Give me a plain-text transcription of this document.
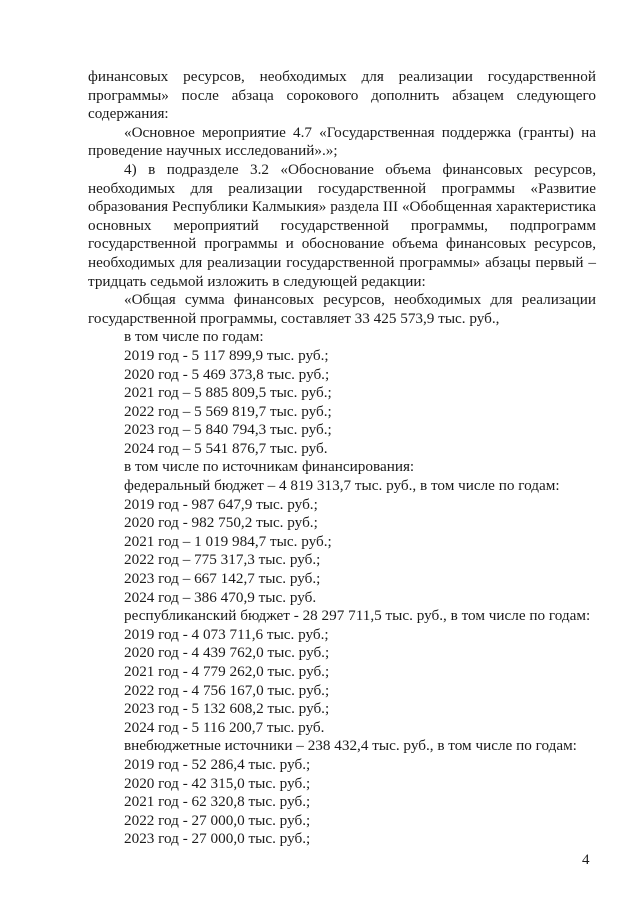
финансовых ресурсов, необходимых для реализации государственной программы» после абзаца сорокового дополнить абзацем следующего содержания:

«Основное мероприятие 4.7 «Государственная поддержка (гранты) на проведение научных исследований».»;

4) в подразделе 3.2 «Обоснование объема финансовых ресурсов, необходимых для реализации государственной программы «Развитие образования Республики Калмыкия» раздела III «Обобщенная характеристика основных мероприятий государственной программы, подпрограмм государственной программы и обоснование объема финансовых ресурсов, необходимых для реализации государственной программы» абзацы первый – тридцать седьмой изложить в следующей редакции:

«Общая сумма финансовых ресурсов, необходимых для реализации государственной программы, составляет 33 425 573,9 тыс. руб.,

в том числе по годам:
2019 год - 5 117 899,9 тыс. руб.;
2020 год - 5 469 373,8 тыс. руб.;
2021 год – 5 885 809,5 тыс. руб.;
2022 год – 5 569 819,7 тыс. руб.;
2023 год – 5 840 794,3 тыс. руб.;
2024 год – 5 541 876,7 тыс. руб.
в том числе по источникам финансирования:
федеральный бюджет – 4 819 313,7 тыс. руб., в том числе по годам:
2019 год - 987 647,9 тыс. руб.;
2020 год - 982 750,2 тыс. руб.;
2021 год – 1 019 984,7 тыс. руб.;
2022 год – 775 317,3 тыс. руб.;
2023 год – 667 142,7 тыс. руб.;
2024 год – 386 470,9 тыс. руб.

республиканский бюджет - 28 297 711,5 тыс. руб., в том числе по годам:

2019 год - 4 073 711,6 тыс. руб.;
2020 год - 4 439 762,0 тыс. руб.;
2021 год - 4 779 262,0 тыс. руб.;
2022 год - 4 756 167,0 тыс. руб.;
2023 год - 5 132 608,2 тыс. руб.;
2024 год - 5 116 200,7 тыс. руб.
внебюджетные источники – 238 432,4 тыс. руб., в том числе по годам:
2019 год - 52 286,4 тыс. руб.;
2020 год - 42 315,0 тыс. руб.;
2021 год - 62 320,8 тыс. руб.;
2022 год - 27 000,0 тыс. руб.;
2023 год - 27 000,0 тыс. руб.;
4
